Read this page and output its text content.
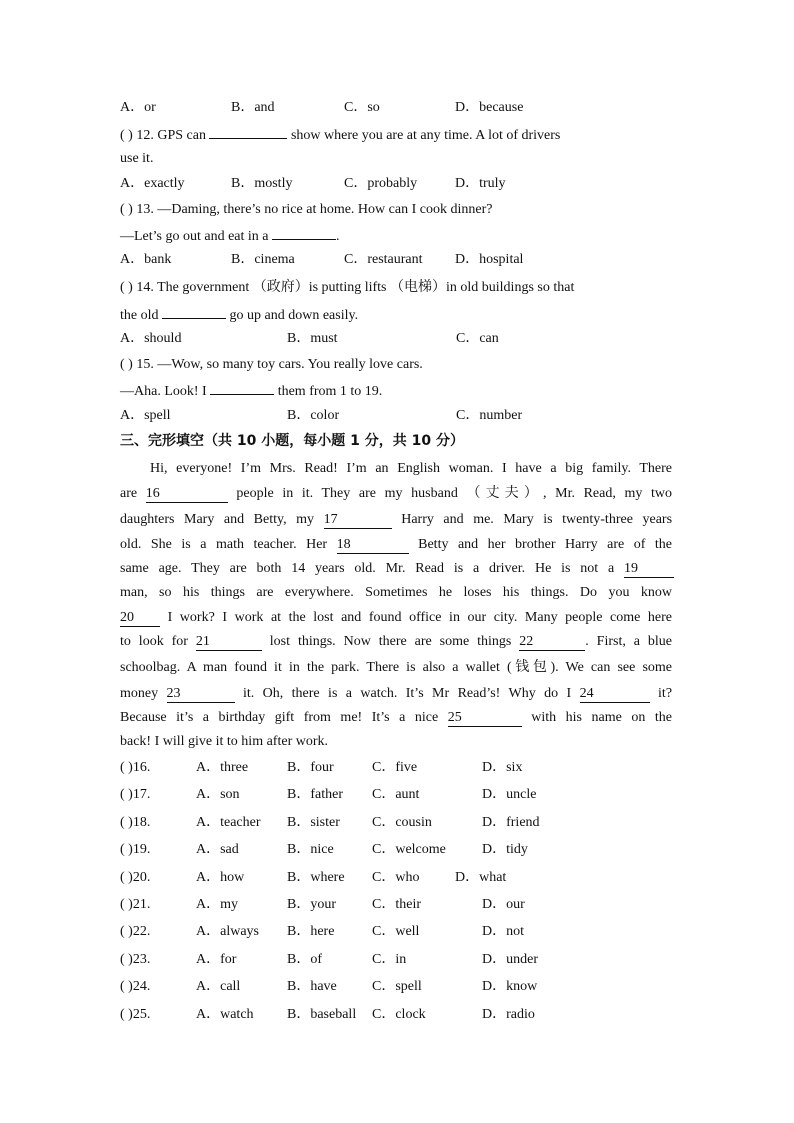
A．or	B．and	C．so	D．because
( ) 12. GPS can	show where you are at any time. A lot of drivers
use it.
A．exactly	B．mostly	C．probably	D．truly
( ) 13. —Daming, there’s no rice at home. How can I cook dinner?
—Let’s go out and eat in a	.
A．bank	B．cinema	C．restaurant D．hospital
( ) 14. The government （政府）is putting lifts （电梯）in old buildings so that
the old	go up and down easily.
A．should	B．must	C．can
( ) 15. —Wow, so many toy cars. You really love cars.
—Aha. Look! I	them from 1 to 19.
A．spell	B．color	C．number
三、完形填空（共 10 小题，每小题 1 分，共 10 分）
Hi, everyone! I’m Mrs. Read! I’m an English woman. I have a big family. There
are 16	people in it. They are my husband （丈夫）, Mr. Read, my two
daughters Mary and Betty, my 17	Harry and me. Mary is twenty-three years
old. She is a math teacher. Her 18	Betty and her brother Harry are of the
same age. They are both 14 years old. Mr. Read is a driver. He is not a 19
man, so his things are everywhere. Sometimes he loses his things. Do you know
20 I work? I work at the lost and found office in our city. Many people come here
to look for 21	lost things. Now there are some things 22	. First, a blue
schoolbag. A man found it in the park. There is also a wallet (钱包). We can see some
money 23	it. Oh, there is a watch. It’s Mr Read’s! Why do I 24	it?
Because it’s a birthday gift from me! It’s a nice 25	with his name on the
back! I will give it to him after work.
( )16.	A．three	B．four	C．five	D．six
( )17.	A．son	B．father C．aunt	D．uncle
( )18.	A．teacher B．sister C．cousin	D．friend
( )19.	A．sad	B．nice	C．welcome	D．tidy
( )20.	A．how	B．where C．who	D．what
( )21.	A．my	B．your	C．their	D．our
( )22.	A．always B．here	C．well	D．not
( )23.	A．for	B．of	C．in	D．under
( )24.	A．call	B．have	C．spell	D．know
( )25.	A．watch B．baseball C．clock	D．radio
